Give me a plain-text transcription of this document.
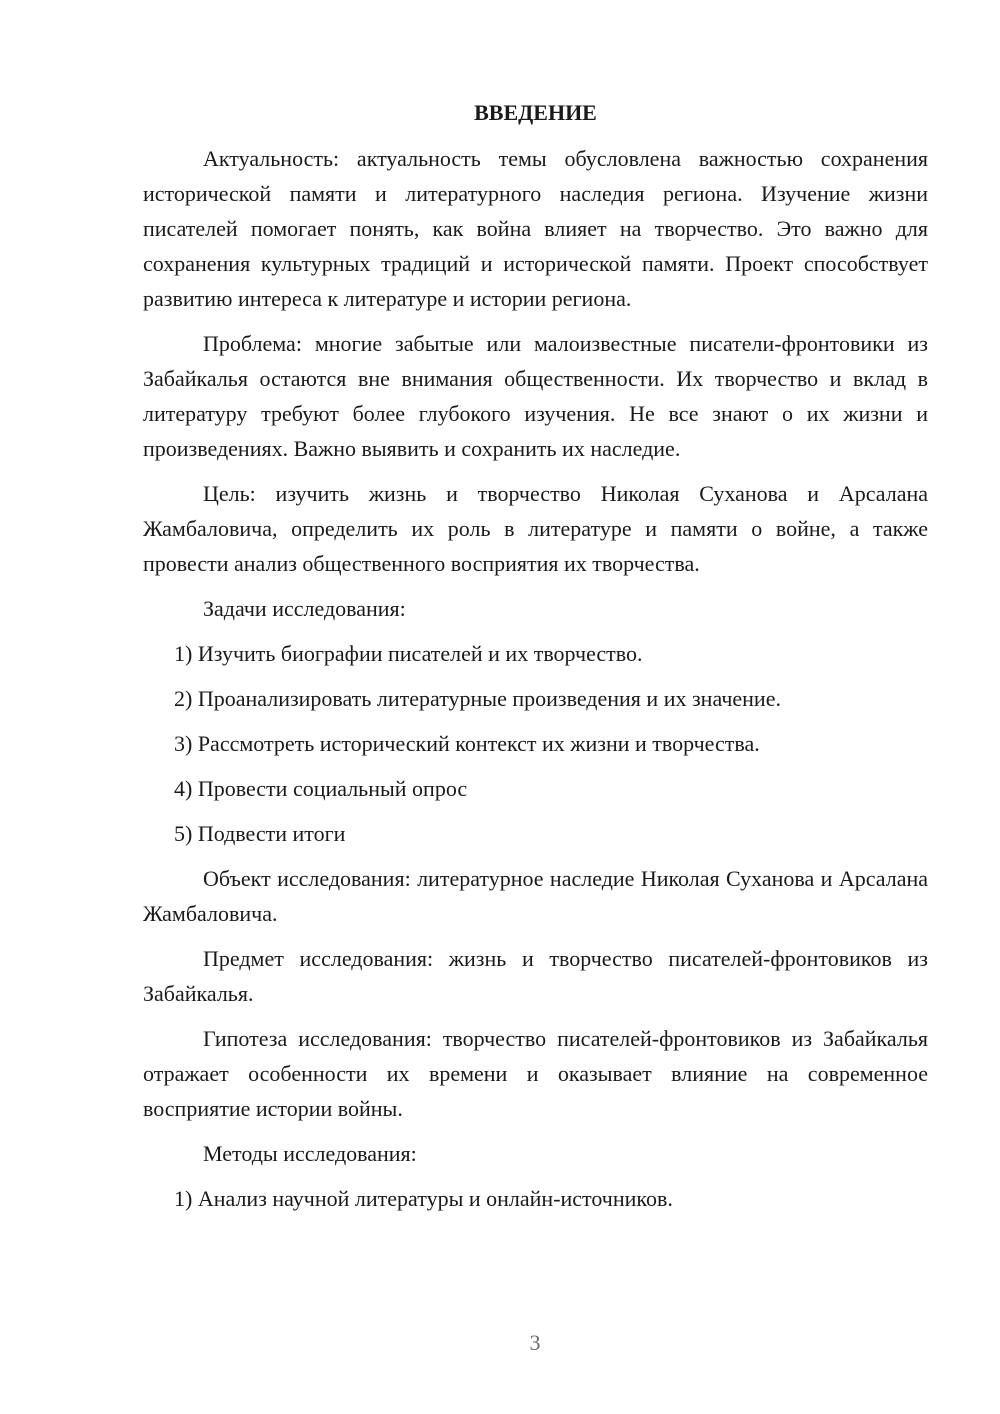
ВВЕДЕНИЕ

Актуальность: актуальность темы обусловлена важностью сохранения исторической памяти и литературного наследия региона. Изучение жизни писателей помогает понять, как война влияет на творчество. Это важно для сохранения культурных традиций и исторической памяти. Проект способствует развитию интереса к литературе и истории региона.

Проблема: многие забытые или малоизвестные писатели-фронтовики из Забайкалья остаются вне внимания общественности. Их творчество и вклад в литературу требуют более глубокого изучения. Не все знают о их жизни и произведениях. Важно выявить и сохранить их наследие.

Цель: изучить жизнь и творчество Николая Суханова и Арсалана Жамбаловича, определить их роль в литературе и памяти о войне, а также провести анализ общественного восприятия их творчества.

Задачи исследования:

1) Изучить биографии писателей и их творчество.
2) Проанализировать литературные произведения и их значение.
3) Рассмотреть исторический контекст их жизни и творчества.
4) Провести социальный опрос
5) Подвести итоги

Объект исследования: литературное наследие Николая Суханова и Арсалана Жамбаловича.

Предмет исследования: жизнь и творчество писателей-фронтовиков из Забайкалья.

Гипотеза исследования: творчество писателей-фронтовиков из Забайкалья отражает особенности их времени и оказывает влияние на современное восприятие истории войны.

Методы исследования:

1) Анализ научной литературы и онлайн-источников.
3
